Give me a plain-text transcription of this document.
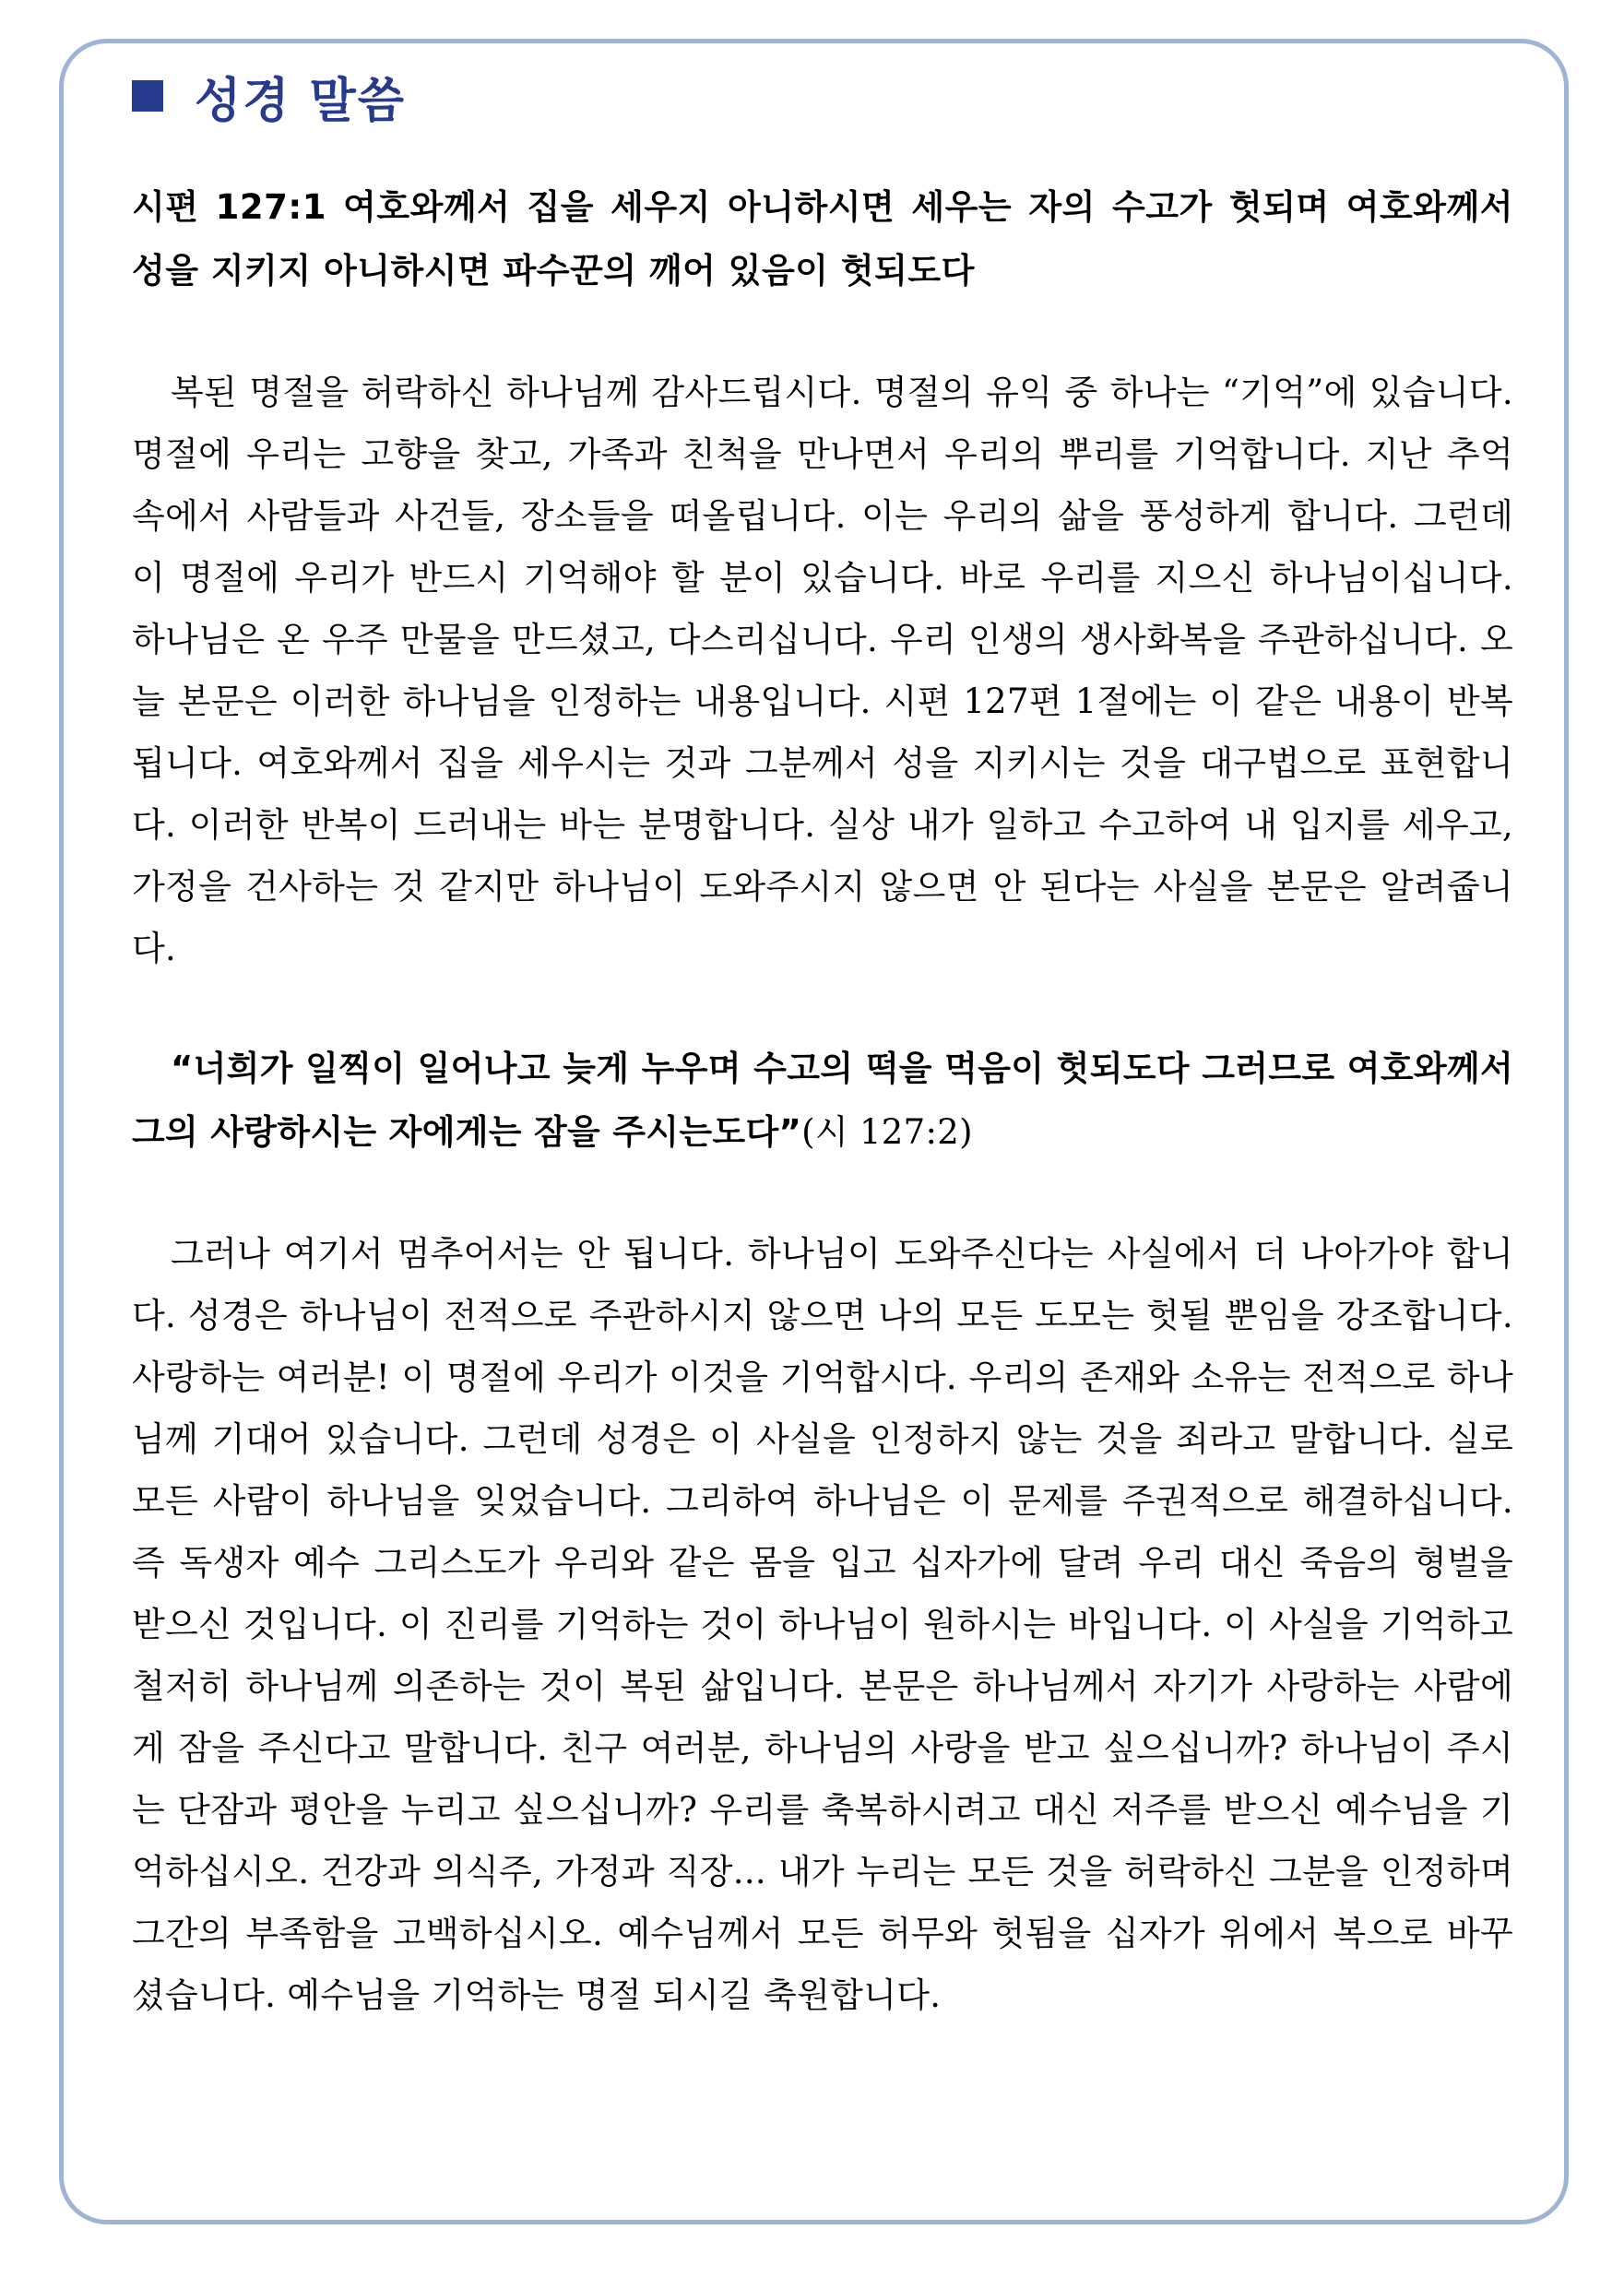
성경 말씀

시편 127:1 여호와께서 집을 세우지 아니하시면 세우는 자의 수고가 헛되며 여호와께서 성을 지키지 아니하시면 파수꾼의 깨어 있음이 헛되도다

복된 명절을 허락하신 하나님께 감사드립시다. 명절의 유익 중 하나는 “기억”에 있습니다. 명절에 우리는 고향을 찾고, 가족과 친척을 만나면서 우리의 뿌리를 기억합니다. 지난 추억 속에서 사람들과 사건들, 장소들을 떠올립니다. 이는 우리의 삶을 풍성하게 합니다. 그런데 이 명절에 우리가 반드시 기억해야 할 분이 있습니다. 바로 우리를 지으신 하나님이십니다. 하나님은 온 우주 만물을 만드셨고, 다스리십니다. 우리 인생의 생사화복을 주관하십니다. 오늘 본문은 이러한 하나님을 인정하는 내용입니다. 시편 127편 1절에는 이 같은 내용이 반복됩니다. 여호와께서 집을 세우시는 것과 그분께서 성을 지키시는 것을 대구법으로 표현합니다. 이러한 반복이 드러내는 바는 분명합니다. 실상 내가 일하고 수고하여 내 입지를 세우고, 가정을 건사하는 것 같지만 하나님이 도와주시지 않으면 안 된다는 사실을 본문은 알려줍니다.

“너희가 일찍이 일어나고 늦게 누우며 수고의 떡을 먹음이 헛되도다 그러므로 여호와께서 그의 사랑하시는 자에게는 잠을 주시는도다”(시 127:2)

그러나 여기서 멈추어서는 안 됩니다. 하나님이 도와주신다는 사실에서 더 나아가야 합니다. 성경은 하나님이 전적으로 주관하시지 않으면 나의 모든 도모는 헛될 뿐임을 강조합니다. 사랑하는 여러분! 이 명절에 우리가 이것을 기억합시다. 우리의 존재와 소유는 전적으로 하나님께 기대어 있습니다. 그런데 성경은 이 사실을 인정하지 않는 것을 죄라고 말합니다. 실로 모든 사람이 하나님을 잊었습니다. 그리하여 하나님은 이 문제를 주권적으로 해결하십니다. 즉 독생자 예수 그리스도가 우리와 같은 몸을 입고 십자가에 달려 우리 대신 죽음의 형벌을 받으신 것입니다. 이 진리를 기억하는 것이 하나님이 원하시는 바입니다. 이 사실을 기억하고 철저히 하나님께 의존하는 것이 복된 삶입니다. 본문은 하나님께서 자기가 사랑하는 사람에게 잠을 주신다고 말합니다. 친구 여러분, 하나님의 사랑을 받고 싶으십니까? 하나님이 주시는 단잠과 평안을 누리고 싶으십니까? 우리를 축복하시려고 대신 저주를 받으신 예수님을 기억하십시오. 건강과 의식주, 가정과 직장... 내가 누리는 모든 것을 허락하신 그분을 인정하며 그간의 부족함을 고백하십시오. 예수님께서 모든 허무와 헛됨을 십자가 위에서 복으로 바꾸셨습니다. 예수님을 기억하는 명절 되시길 축원합니다.
